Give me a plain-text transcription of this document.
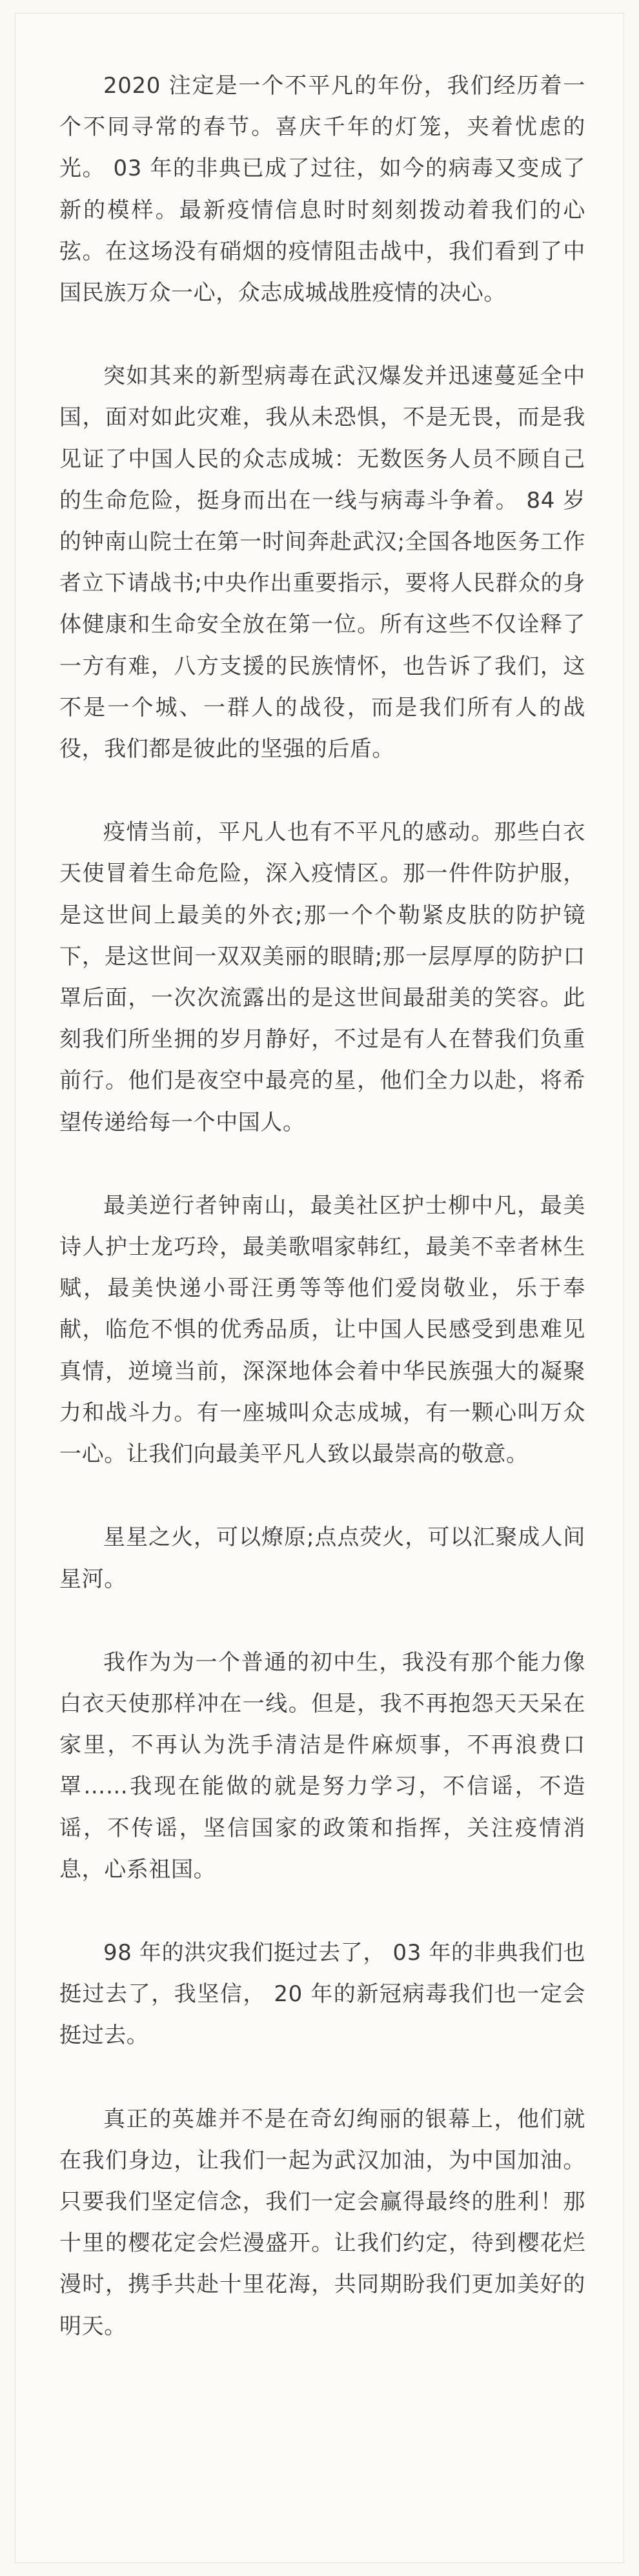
2020 注定是一个不平凡的年份，我们经历着一个不同寻常的春节。喜庆千年的灯笼，夹着忧虑的光。 03 年的非典已成了过往，如今的病毒又变成了新的模样。最新疫情信息时时刻刻拨动着我们的心弦。在这场没有硝烟的疫情阻击战中，我们看到了中国民族万众一心，众志成城战胜疫情的决心。

突如其来的新型病毒在武汉爆发并迅速蔓延全中国，面对如此灾难，我从未恐惧，不是无畏，而是我见证了中国人民的众志成城：无数医务人员不顾自己的生命危险，挺身而出在一线与病毒斗争着。 84 岁的钟南山院士在第一时间奔赴武汉;全国各地医务工作者立下请战书;中央作出重要指示，要将人民群众的身体健康和生命安全放在第一位。所有这些不仅诠释了一方有难，八方支援的民族情怀，也告诉了我们，这不是一个城、一群人的战役，而是我们所有人的战役，我们都是彼此的坚强的后盾。

疫情当前，平凡人也有不平凡的感动。那些白衣天使冒着生命危险，深入疫情区。那一件件防护服，是这世间上最美的外衣;那一个个勒紧皮肤的防护镜下，是这世间一双双美丽的眼睛;那一层厚厚的防护口罩后面，一次次流露出的是这世间最甜美的笑容。此刻我们所坐拥的岁月静好，不过是有人在替我们负重前行。他们是夜空中最亮的星，他们全力以赴，将希望传递给每一个中国人。

最美逆行者钟南山，最美社区护士柳中凡，最美诗人护士龙巧玲，最美歌唱家韩红，最美不幸者林生赋，最美快递小哥汪勇等等他们爱岗敬业，乐于奉献，临危不惧的优秀品质，让中国人民感受到患难见真情，逆境当前，深深地体会着中华民族强大的凝聚力和战斗力。有一座城叫众志成城，有一颗心叫万众一心。让我们向最美平凡人致以最崇高的敬意。

星星之火，可以燎原;点点荧火，可以汇聚成人间星河。

我作为为一个普通的初中生，我没有那个能力像白衣天使那样冲在一线。但是，我不再抱怨天天呆在家里，不再认为洗手清洁是件麻烦事，不再浪费口罩……我现在能做的就是努力学习，不信谣，不造谣，不传谣，坚信国家的政策和指挥，关注疫情消息，心系祖国。

98 年的洪灾我们挺过去了， 03 年的非典我们也挺过去了，我坚信， 20 年的新冠病毒我们也一定会挺过去。

真正的英雄并不是在奇幻绚丽的银幕上，他们就在我们身边，让我们一起为武汉加油，为中国加油。只要我们坚定信念，我们一定会赢得最终的胜利！那十里的樱花定会烂漫盛开。让我们约定，待到樱花烂漫时，携手共赴十里花海，共同期盼我们更加美好的明天。
